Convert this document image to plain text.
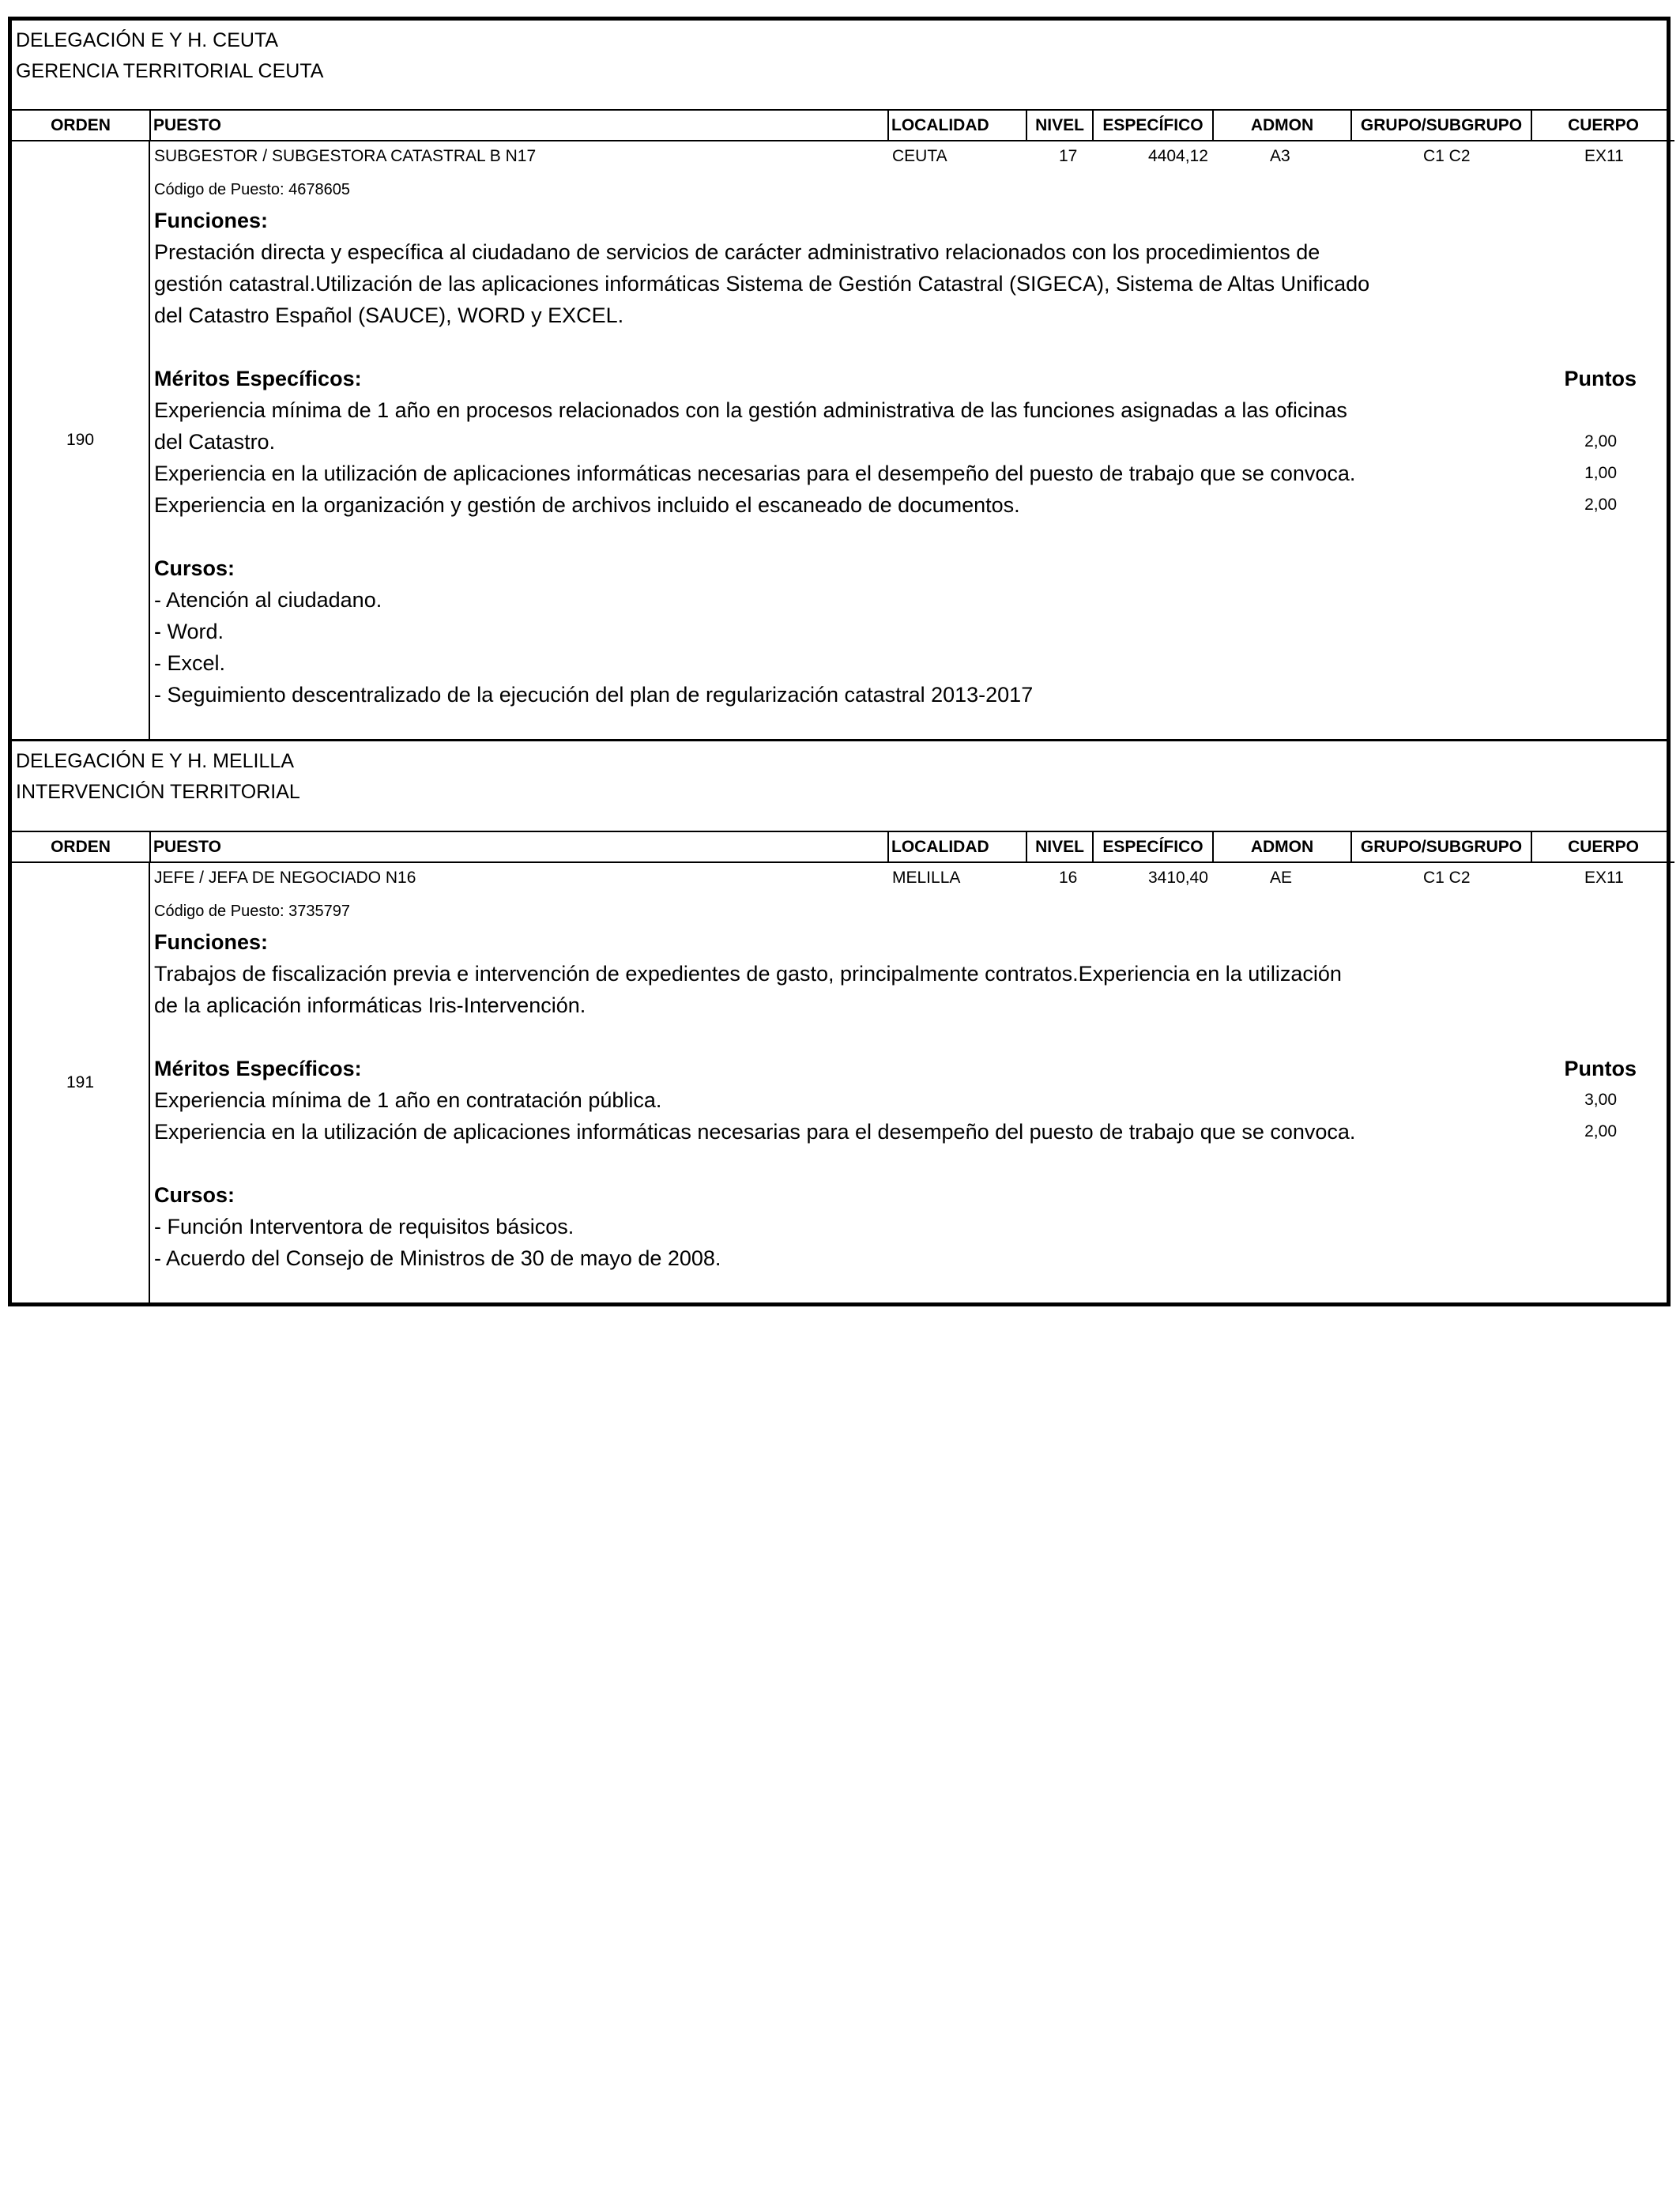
DELEGACIÓN E Y H. CEUTA
GERENCIA TERRITORIAL CEUTA
ORDEN	PUESTO	LOCALIDAD	NIVEL	ESPECÍFICO	ADMON	GRUPO/SUBGRUPO	CUERPO
190
SUBGESTOR / SUBGESTORA CATASTRAL B N17	CEUTA	17	4404,12	A3	C1 C2	EX11
Código de Puesto: 4678605
Funciones:
Prestación directa y específica al ciudadano de servicios de carácter administrativo relacionados con los procedimientos de
gestión catastral.Utilización de las aplicaciones informáticas Sistema de Gestión Catastral (SIGECA), Sistema de Altas Unificado
del Catastro Español (SAUCE), WORD y EXCEL.
Méritos Específicos:	Puntos
Experiencia mínima de 1 año en procesos relacionados con la gestión administrativa de las funciones asignadas a las oficinas
del Catastro.	2,00
Experiencia en la utilización de aplicaciones informáticas necesarias para el desempeño del puesto de trabajo que se convoca.	1,00
Experiencia en la organización y gestión de archivos incluido el escaneado de documentos.	2,00
Cursos:
- Atención al ciudadano.
- Word.
- Excel.
- Seguimiento descentralizado de la ejecución del plan de regularización catastral 2013-2017
DELEGACIÓN E Y H. MELILLA
INTERVENCIÓN TERRITORIAL
ORDEN	PUESTO	LOCALIDAD	NIVEL	ESPECÍFICO	ADMON	GRUPO/SUBGRUPO	CUERPO
191
JEFE / JEFA DE NEGOCIADO N16	MELILLA	16	3410,40	AE	C1 C2	EX11
Código de Puesto: 3735797
Funciones:
Trabajos de fiscalización previa e intervención de expedientes de gasto, principalmente contratos.Experiencia en la utilización
de la aplicación informáticas Iris-Intervención.
Méritos Específicos:	Puntos
Experiencia mínima de 1 año en contratación pública.	3,00
Experiencia en la utilización de aplicaciones informáticas necesarias para el desempeño del puesto de trabajo que se convoca.	2,00
Cursos:
- Función Interventora de requisitos básicos.
- Acuerdo del Consejo de Ministros de 30 de mayo de 2008.
